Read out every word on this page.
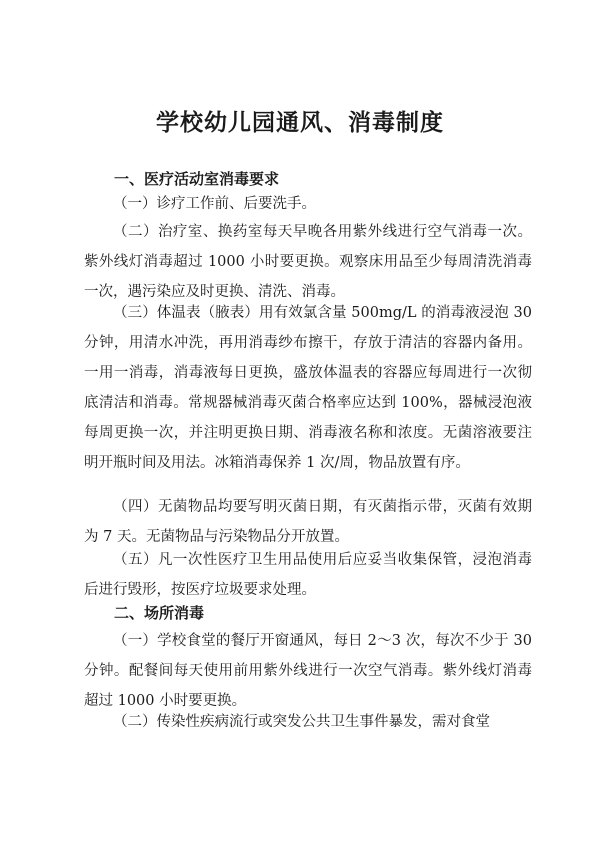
学校幼儿园通风、消毒制度
一、医疗活动室消毒要求

（一）诊疗工作前、后要洗手。

（二）治疗室、换药室每天早晚各用紫外线进行空气消毒一次。紫外线灯消毒超过 1000 小时要更换。观察床用品至少每周清洗消毒一次，遇污染应及时更换、清洗、消毒。

（三）体温表（腋表）用有效氯含量 500mg/L 的消毒液浸泡 30 分钟，用清水冲洗，再用消毒纱布擦干，存放于清洁的容器内备用。一用一消毒，消毒液每日更换，盛放体温表的容器应每周进行一次彻底清洁和消毒。常规器械消毒灭菌合格率应达到 100%，器械浸泡液每周更换一次，并注明更换日期、消毒液名称和浓度。无菌溶液要注明开瓶时间及用法。冰箱消毒保养 1 次/周，物品放置有序。

（四）无菌物品均要写明灭菌日期，有灭菌指示带，灭菌有效期为 7 天。无菌物品与污染物品分开放置。

（五）凡一次性医疗卫生用品使用后应妥当收集保管，浸泡消毒后进行毁形，按医疗垃圾要求处理。

二、场所消毒

（一）学校食堂的餐厅开窗通风，每日 2～3 次，每次不少于 30 分钟。配餐间每天使用前用紫外线进行一次空气消毒。紫外线灯消毒超过 1000 小时要更换。

（二）传染性疾病流行或突发公共卫生事件暴发，需对食堂
